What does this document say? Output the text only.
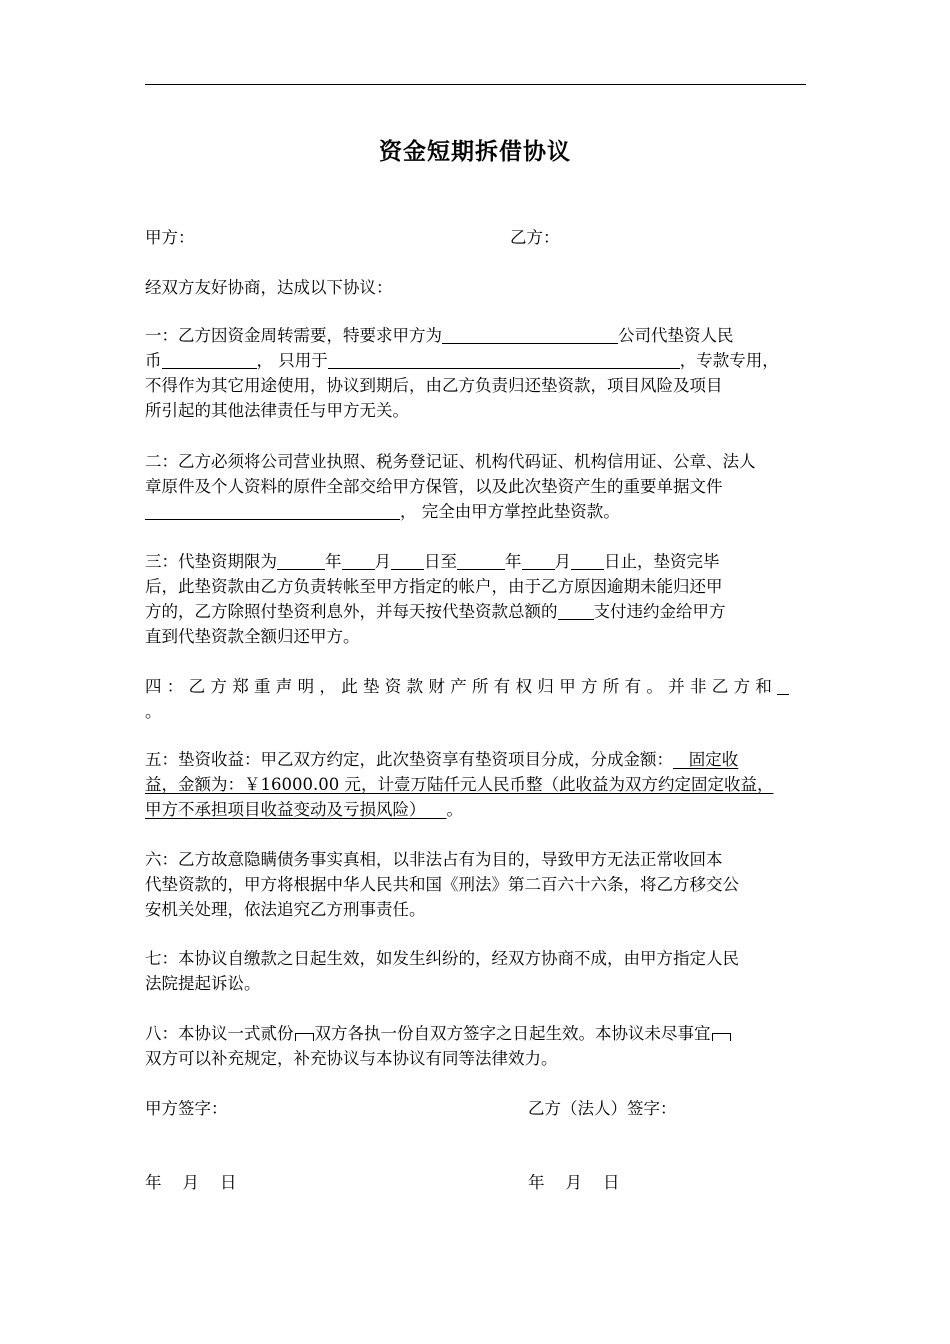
资金短期拆借协议
甲方：	乙方：
经双方友好协商，达成以下协议：
一：乙方因资金周转需要，特要求甲方为	公司代垫资人民
币	， 只用于	，专款专用，
不得作为其它用途使用，协议到期后，由乙方负责归还垫资款，项目风险及项目
所引起的其他法律责任与甲方无关。
二：乙方必须将公司营业执照、税务登记证、机构代码证、机构信用证、公章、法人
章原件及个人资料的原件全部交给甲方保管，以及此次垫资产生的重要单据文件
， 完全由甲方掌控此垫资款。
三：代垫资期限为	年 月 日至	年 月 日止，垫资完毕
后，此垫资款由乙方负责转帐至甲方指定的帐户，由于乙方原因逾期未能归还甲
方的，乙方除照付垫资利息外，并每天按代垫资款总额的 支付违约金给甲方
直到代垫资款全额归还甲方。
四：乙方郑重声明，此垫资款财产所有权归甲方所有。并非乙方和
。
五：垫资收益：甲乙双方约定，此次垫资享有垫资项目分成，分成金额：   固定收
益，金额为：￥16000.00 元，计壹万陆仟元人民币整（此收益为双方约定固定收益，
甲方不承担项目收益变动及亏损风险）    。
六：乙方故意隐瞒债务事实真相，以非法占有为目的，导致甲方无法正常收回本
代垫资款的，甲方将根据中华人民共和国《刑法》第二百六十六条，将乙方移交公
安机关处理，依法追究乙方刑事责任。
七：本协议自缴款之日起生效，如发生纠纷的，经双方协商不成，由甲方指定人民
法院提起诉讼。
八：本协议一式贰份 双方各执一份自双方签字之日起生效。本协议未尽事宜
双方可以补充规定，补充协议与本协议有同等法律效力。
甲方签字：	乙方（法人）签字：
年    月    日	年    月    日
